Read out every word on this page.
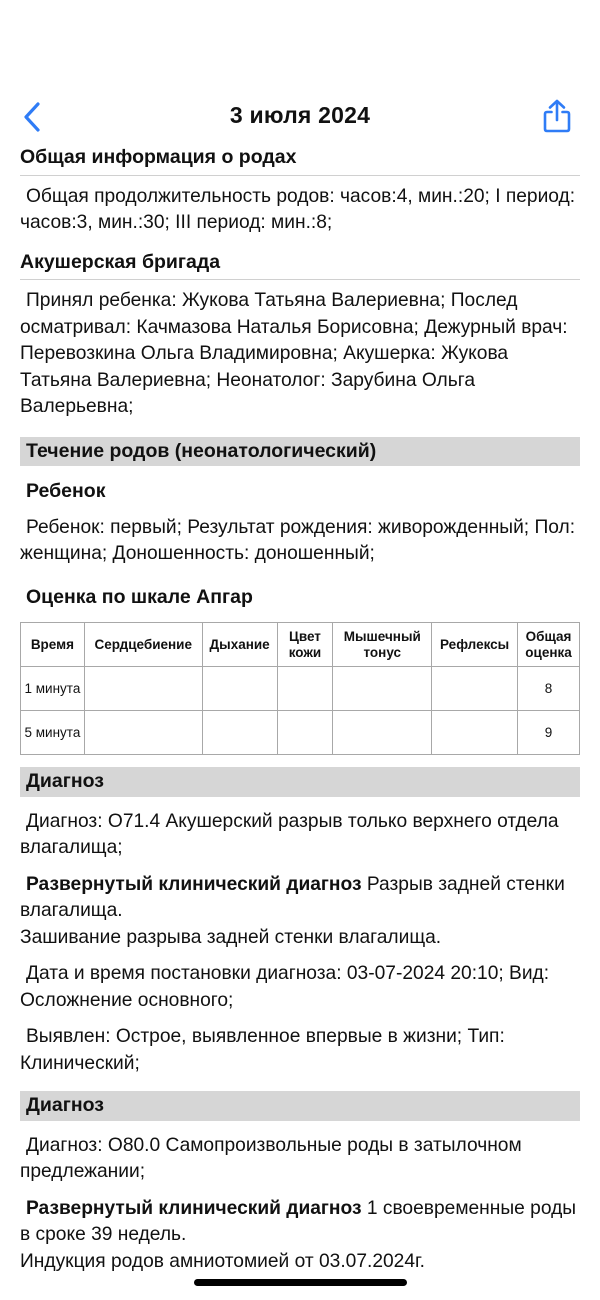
3 июля 2024
Общая информация о родах
Общая продолжительность родов: часов:4, мин.:20; I период: часов:3, мин.:30; III период: мин.:8;
Акушерская бригада
Принял ребенка: Жукова Татьяна Валериевна; Послед осматривал: Качмазова Наталья Борисовна; Дежурный врач: Перевозкина Ольга Владимировна; Акушерка: Жукова Татьяна Валериевна; Неонатолог: Зарубина Ольга Валерьевна;
Течение родов (неонатологический)
Ребенок
Ребенок: первый; Результат рождения: живорожденный; Пол: женщина; Доношенность: доношенный;
Оценка по шкале Апгар
Время	Сердцебиение	Дыхание	Цвет кожи	Мышечный тонус	Рефлексы	Общая оценка
1 минута						8
5 минута						9
Диагноз
Диагноз: O71.4 Акушерский разрыв только верхнего отдела влагалища;
Развернутый клинический диагноз Разрыв задней стенки влагалища.
Зашивание разрыва задней стенки влагалища.
Дата и время постановки диагноза: 03-07-2024 20:10; Вид: Осложнение основного;
Выявлен: Острое, выявленное впервые в жизни; Тип: Клинический;
Диагноз
Диагноз: O80.0 Самопроизвольные роды в затылочном предлежании;
Развернутый клинический диагноз 1 своевременные роды в сроке 39 недель.
Индукция родов амниотомией от 03.07.2024г.
